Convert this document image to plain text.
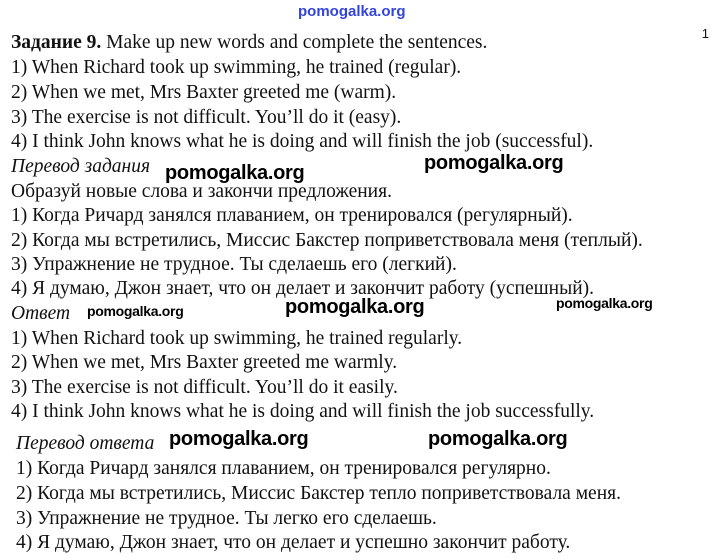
pomogalka.org
1
Задание 9. Make up new words and complete the sentences.
1) When Richard took up swimming, he trained (regular).
2) When we met, Mrs Baxter greeted me (warm).
3) The exercise is not difficult. You’ll do it (easy).
4) I think John knows what he is doing and will finish the job (successful).
Перевод задания pomogalka.org	pomogalka.org
Образуй новые слова и закончи предложения.
1) Когда Ричард занялся плаванием, он тренировался (регулярный).
2) Когда мы встретились, Миссис Бакстер поприветствовала меня (теплый).
3) Упражнение не трудное. Ты сделаешь его (легкий).
4) Я думаю, Джон знает, что он делает и закончит работу (успешный).
pomogalka.org
Ответ pomogalka.org	pomogalka.org
1) When Richard took up swimming, he trained regularly.
2) When we met, Mrs Baxter greeted me warmly.
3) The exercise is not difficult. You’ll do it easily.
4) I think John knows what he is doing and will finish the job successfully.
Перевод ответа pomogalka.org	pomogalka.org
1) Когда Ричард занялся плаванием, он тренировался регулярно.
2) Когда мы встретились, Миссис Бакстер тепло поприветствовала меня.
3) Упражнение не трудное. Ты легко его сделаешь.
4) Я думаю, Джон знает, что он делает и успешно закончит работу.
